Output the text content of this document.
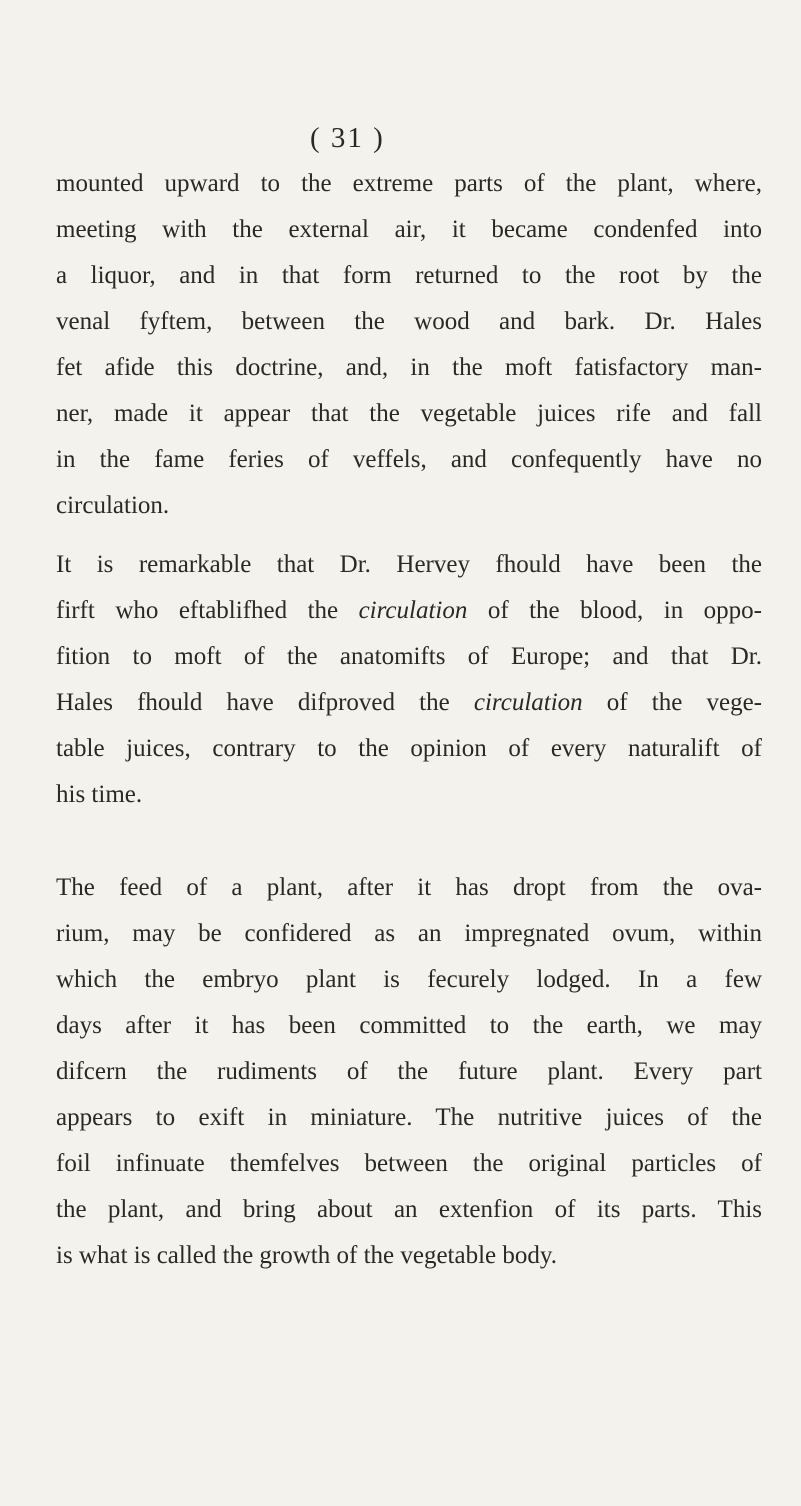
( 31 )
mounted upward to the extreme parts of the plant, where,
meeting with the external air, it became condenfed into
a liquor, and in that form returned to the root by the
venal fyftem, between the wood and bark. Dr. Hales
fet afide this doctrine, and, in the moft fatisfactory man-
ner, made it appear that the vegetable juices rife and fall
in the fame feries of veffels, and confequently have no
circulation.
It is remarkable that Dr. Hervey fhould have been the
firft who eftablifhed the circulation of the blood, in oppo-
fition to moft of the anatomifts of Europe; and that Dr.
Hales fhould have difproved the circulation of the vege-
table juices, contrary to the opinion of every naturalift of
his time.
The feed of a plant, after it has dropt from the ova-
rium, may be confidered as an impregnated ovum, within
which the embryo plant is fecurely lodged. In a few
days after it has been committed to the earth, we may
difcern the rudiments of the future plant. Every part
appears to exift in miniature. The nutritive juices of the
foil infinuate themfelves between the original particles of
the plant, and bring about an extenfion of its parts. This
is what is called the growth of the vegetable body.
